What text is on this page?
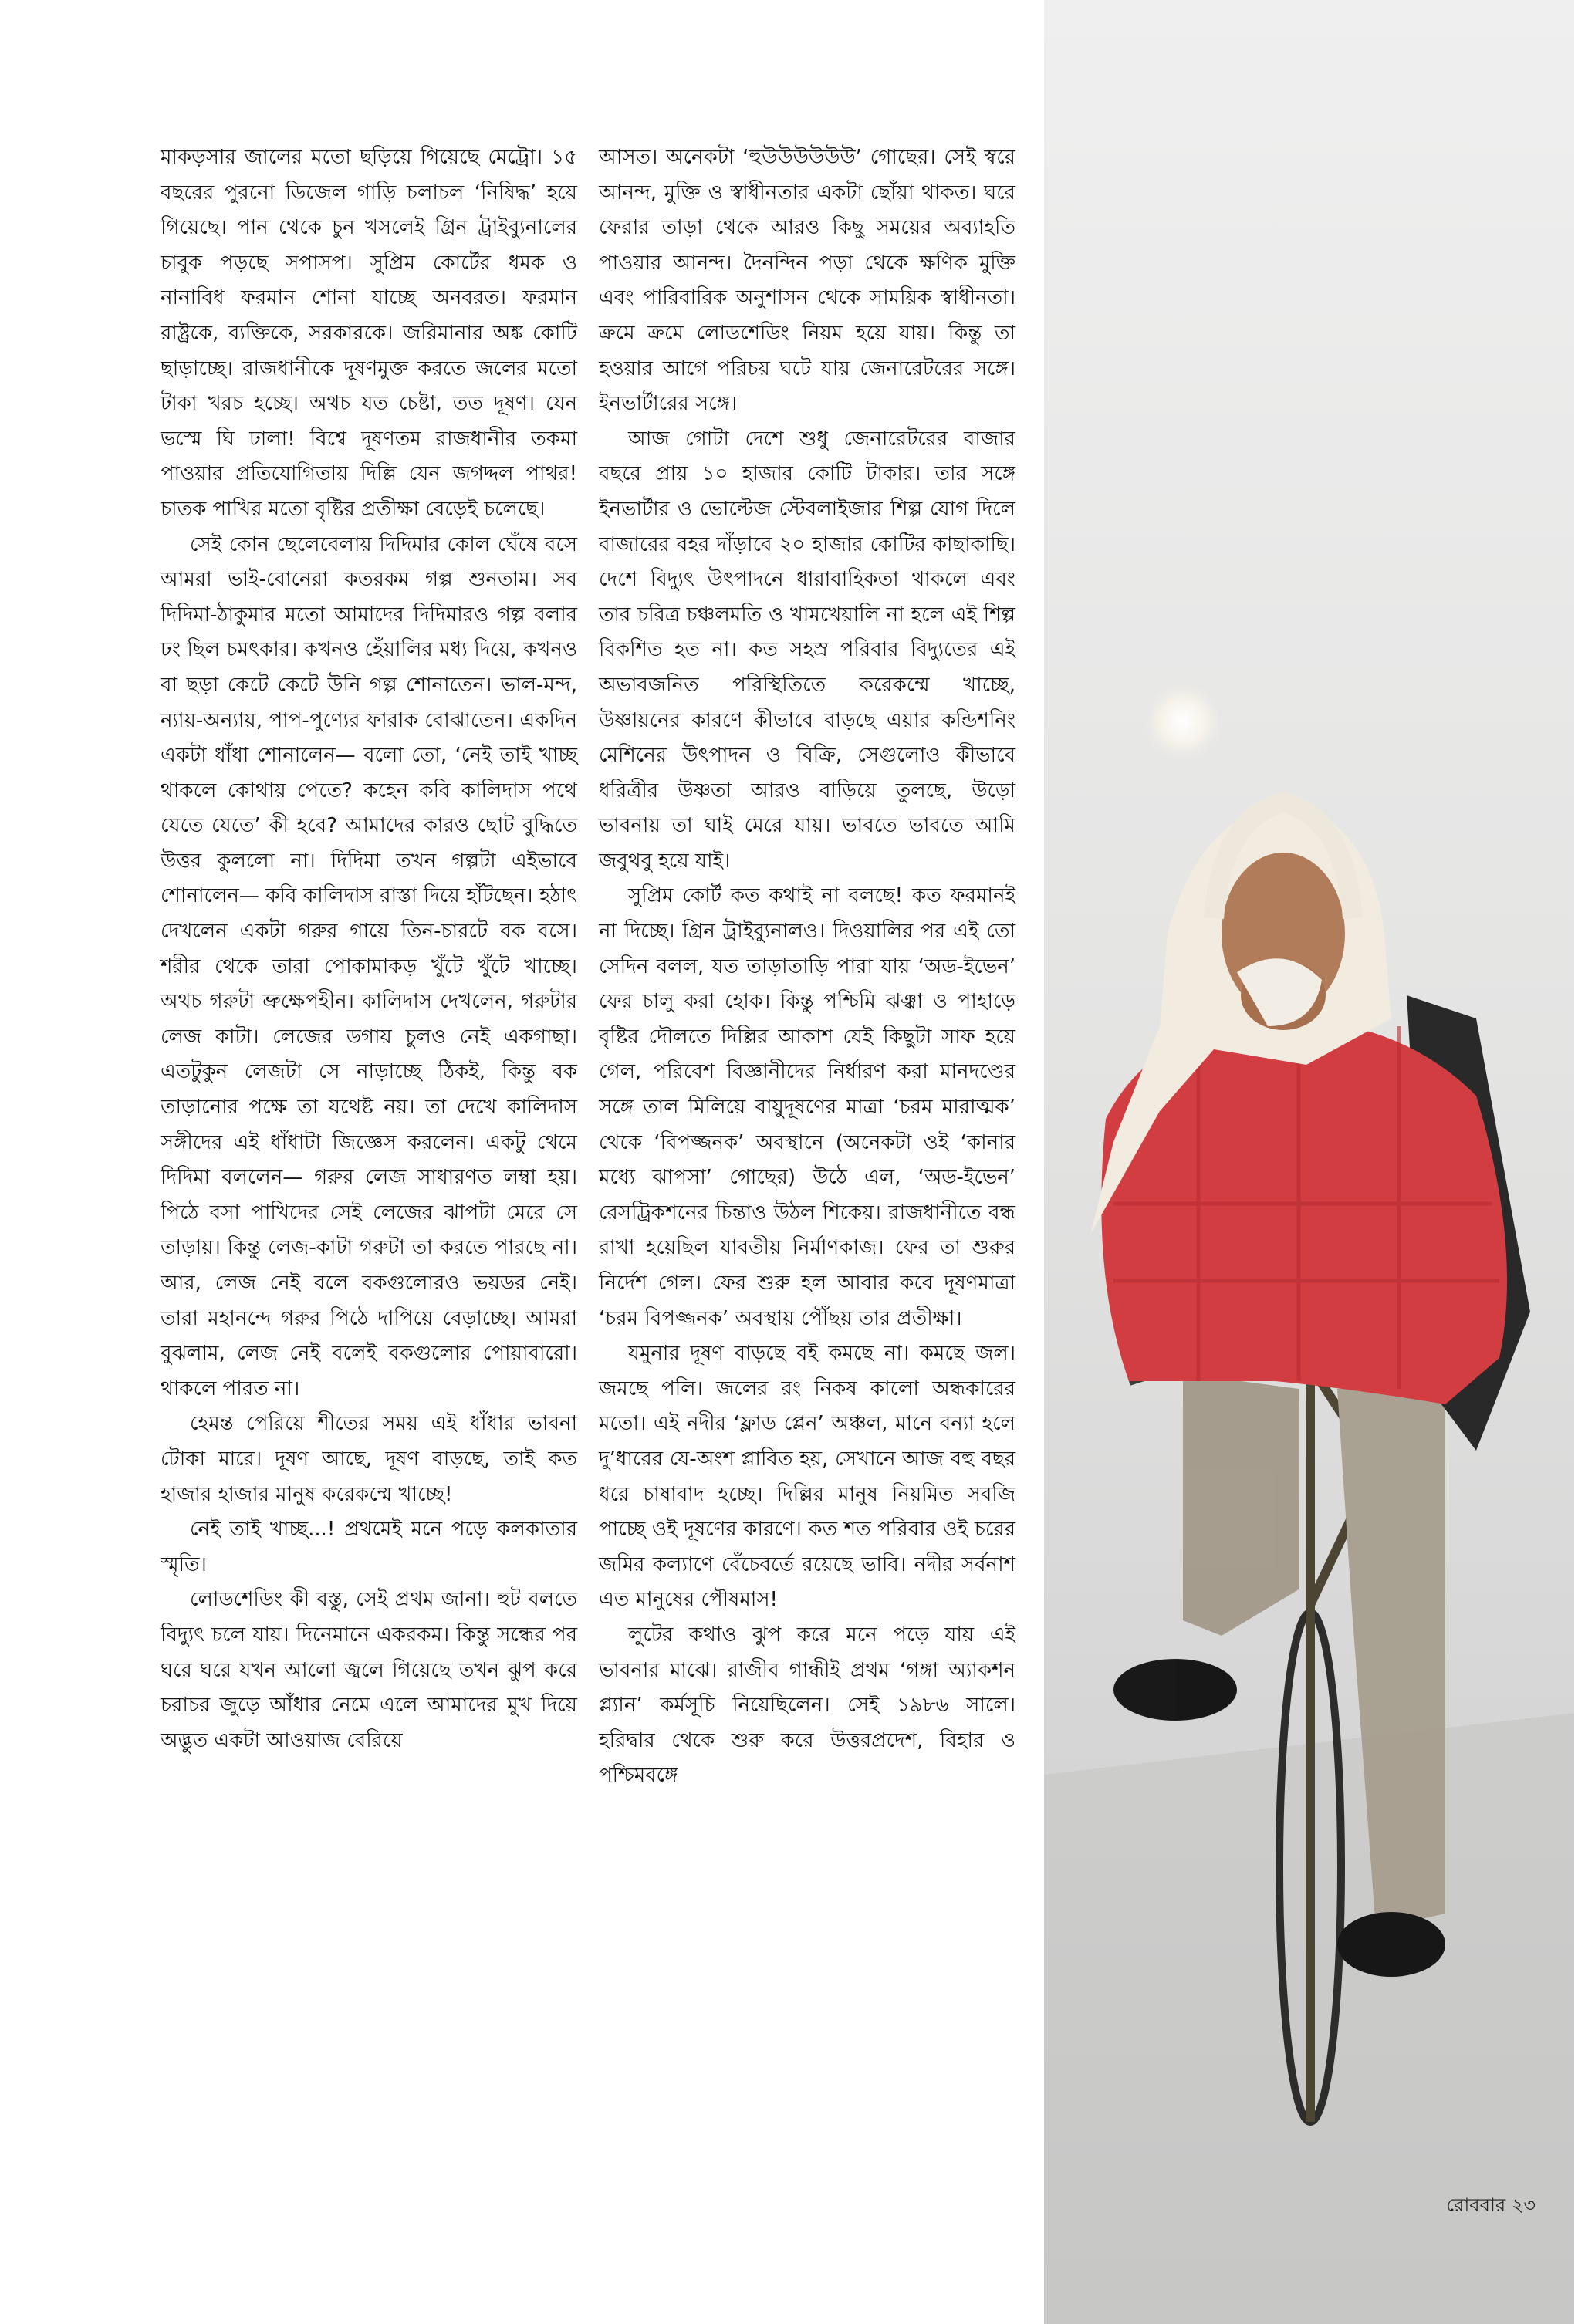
মাকড়সার জালের মতো ছড়িয়ে গিয়েছে মেট্রো। ১৫ বছরের পুরনো ডিজেল গাড়ি চলাচল ‘নিষিদ্ধ’ হয়ে গিয়েছে। পান থেকে চুন খসলেই গ্রিন ট্রাইব্যুনালের চাবুক পড়ছে সপাসপ। সুপ্রিম কোর্টের ধমক ও নানাবিধ ফরমান শোনা যাচ্ছে অনবরত। ফরমান রাষ্ট্রকে, ব্যক্তিকে, সরকারকে। জরিমানার অঙ্ক কোটি ছাড়াচ্ছে। রাজধানীকে দূষণমুক্ত করতে জলের মতো টাকা খরচ হচ্ছে। অথচ যত চেষ্টা, তত দূষণ। যেন ভস্মে ঘি ঢালা! বিশ্বে দূষণতম রাজধানীর তকমা পাওয়ার প্রতিযোগিতায় দিল্লি যেন জগদ্দল পাথর! চাতক পাখির মতো বৃষ্টির প্রতীক্ষা বেড়েই চলেছে।

সেই কোন ছেলেবেলায় দিদিমার কোল ঘেঁষে বসে আমরা ভাই-বোনেরা কতরকম গল্প শুনতাম। সব দিদিমা-ঠাকুমার মতো আমাদের দিদিমারও গল্প বলার ঢং ছিল চমৎকার। কখনও হেঁয়ালির মধ্য দিয়ে, কখনও বা ছড়া কেটে কেটে উনি গল্প শোনাতেন। ভাল-মন্দ, ন্যায়-অন্যায়, পাপ-পুণ্যের ফারাক বোঝাতেন। একদিন একটা ধাঁধা শোনালেন— বলো তো, ‘নেই তাই খাচ্ছ থাকলে কোথায় পেতে? কহেন কবি কালিদাস পথে যেতে যেতে’ কী হবে? আমাদের কারও ছোট বুদ্ধিতে উত্তর কুললো না। দিদিমা তখন গল্পটা এইভাবে শোনালেন— কবি কালিদাস রাস্তা দিয়ে হাঁটছেন। হঠাৎ দেখলেন একটা গরুর গায়ে তিন-চারটে বক বসে। শরীর থেকে তারা পোকামাকড় খুঁটে খুঁটে খাচ্ছে। অথচ গরুটা ভ্রুক্ষেপহীন। কালিদাস দেখলেন, গরুটার লেজ কাটা। লেজের ডগায় চুলও নেই একগাছা। এতটুকুন লেজটা সে নাড়াচ্ছে ঠিকই, কিন্তু বক তাড়ানোর পক্ষে তা যথেষ্ট নয়। তা দেখে কালিদাস সঙ্গীদের এই ধাঁধাটা জিজ্ঞেস করলেন। একটু থেমে দিদিমা বললেন— গরুর লেজ সাধারণত লম্বা হয়। পিঠে বসা পাখিদের সেই লেজের ঝাপটা মেরে সে তাড়ায়। কিন্তু লেজ-কাটা গরুটা তা করতে পারছে না। আর, লেজ নেই বলে বকগুলোরও ভয়ডর নেই। তারা মহানন্দে গরুর পিঠে দাপিয়ে বেড়াচ্ছে। আমরা বুঝলাম, লেজ নেই বলেই বকগুলোর পোয়াবারো। থাকলে পারত না।

হেমন্ত পেরিয়ে শীতের সময় এই ধাঁধার ভাবনা টোকা মারে। দূষণ আছে, দূষণ বাড়ছে, তাই কত হাজার হাজার মানুষ করেকম্মে খাচ্ছে!

নেই তাই খাচ্ছ...! প্রথমেই মনে পড়ে কলকাতার স্মৃতি।

লোডশেডিং কী বস্তু, সেই প্রথম জানা। হুট বলতে বিদ্যুৎ চলে যায়। দিনেমানে একরকম। কিন্তু সন্ধের পর ঘরে ঘরে যখন আলো জ্বলে গিয়েছে তখন ঝুপ করে চরাচর জুড়ে আঁধার নেমে এলে আমাদের মুখ দিয়ে অদ্ভুত একটা আওয়াজ বেরিয়ে

আসত। অনেকটা ‘হুউউউউউউ’ গোছের। সেই স্বরে আনন্দ, মুক্তি ও স্বাধীনতার একটা ছোঁয়া থাকত। ঘরে ফেরার তাড়া থেকে আরও কিছু সময়ের অব্যাহতি পাওয়ার আনন্দ। দৈনন্দিন পড়া থেকে ক্ষণিক মুক্তি এবং পারিবারিক অনুশাসন থেকে সাময়িক স্বাধীনতা। ক্রমে ক্রমে লোডশেডিং নিয়ম হয়ে যায়। কিন্তু তা হওয়ার আগে পরিচয় ঘটে যায় জেনারেটরের সঙ্গে। ইনভার্টারের সঙ্গে।

আজ গোটা দেশে শুধু জেনারেটরের বাজার বছরে প্রায় ১০ হাজার কোটি টাকার। তার সঙ্গে ইনভার্টার ও ভোল্টেজ স্টেবলাইজার শিল্প যোগ দিলে বাজারের বহর দাঁড়াবে ২০ হাজার কোটির কাছাকাছি। দেশে বিদ্যুৎ উৎপাদনে ধারাবাহিকতা থাকলে এবং তার চরিত্র চঞ্চলমতি ও খামখেয়ালি না হলে এই শিল্প বিকশিত হত না। কত সহস্র পরিবার বিদ্যুতের এই অভাবজনিত পরিস্থিতিতে করেকম্মে খাচ্ছে, উষ্ণায়নের কারণে কীভাবে বাড়ছে এয়ার কন্ডিশনিং মেশিনের উৎপাদন ও বিক্রি, সেগুলোও কীভাবে ধরিত্রীর উষ্ণতা আরও বাড়িয়ে তুলছে, উড়ো ভাবনায় তা ঘাই মেরে যায়। ভাবতে ভাবতে আমি জবুথবু হয়ে যাই।

সুপ্রিম কোর্ট কত কথাই না বলছে! কত ফরমানই না দিচ্ছে। গ্রিন ট্রাইব্যুনালও। দিওয়ালির পর এই তো সেদিন বলল, যত তাড়াতাড়ি পারা যায় ‘অড-ইভেন’ ফের চালু করা হোক। কিন্তু পশ্চিমি ঝঞ্ঝা ও পাহাড়ে বৃষ্টির দৌলতে দিল্লির আকাশ যেই কিছুটা সাফ হয়ে গেল, পরিবেশ বিজ্ঞানীদের নির্ধারণ করা মানদণ্ডের সঙ্গে তাল মিলিয়ে বায়ুদূষণের মাত্রা ‘চরম মারাত্মক’ থেকে ‘বিপজ্জনক’ অবস্থানে (অনেকটা ওই ‘কানার মধ্যে ঝাপসা’ গোছের) উঠে এল, ‘অড-ইভেন’ রেসট্রিকশনের চিন্তাও উঠল শিকেয়। রাজধানীতে বন্ধ রাখা হয়েছিল যাবতীয় নির্মাণকাজ। ফের তা শুরুর নির্দেশ গেল। ফের শুরু হল আবার কবে দূষণমাত্রা ‘চরম বিপজ্জনক’ অবস্থায় পৌঁছয় তার প্রতীক্ষা।

যমুনার দূষণ বাড়ছে বই কমছে না। কমছে জল। জমছে পলি। জলের রং নিকষ কালো অন্ধকারের মতো। এই নদীর ‘ফ্লাড প্লেন’ অঞ্চল, মানে বন্যা হলে দু’ধারের যে-অংশ প্লাবিত হয়, সেখানে আজ বহু বছর ধরে চাষাবাদ হচ্ছে। দিল্লির মানুষ নিয়মিত সবজি পাচ্ছে ওই দূষণের কারণে। কত শত পরিবার ওই চরের জমির কল্যাণে বেঁচেবর্তে রয়েছে ভাবি। নদীর সর্বনাশ এত মানুষের পৌষমাস!

লুটের কথাও ঝুপ করে মনে পড়ে যায় এই ভাবনার মাঝে। রাজীব গান্ধীই প্রথম ‘গঙ্গা অ্যাকশন প্ল্যান’ কর্মসূচি নিয়েছিলেন। সেই ১৯৮৬ সালে। হরিদ্বার থেকে শুরু করে উত্তরপ্রদেশ, বিহার ও পশ্চিমবঙ্গে

রোববার ২৩
